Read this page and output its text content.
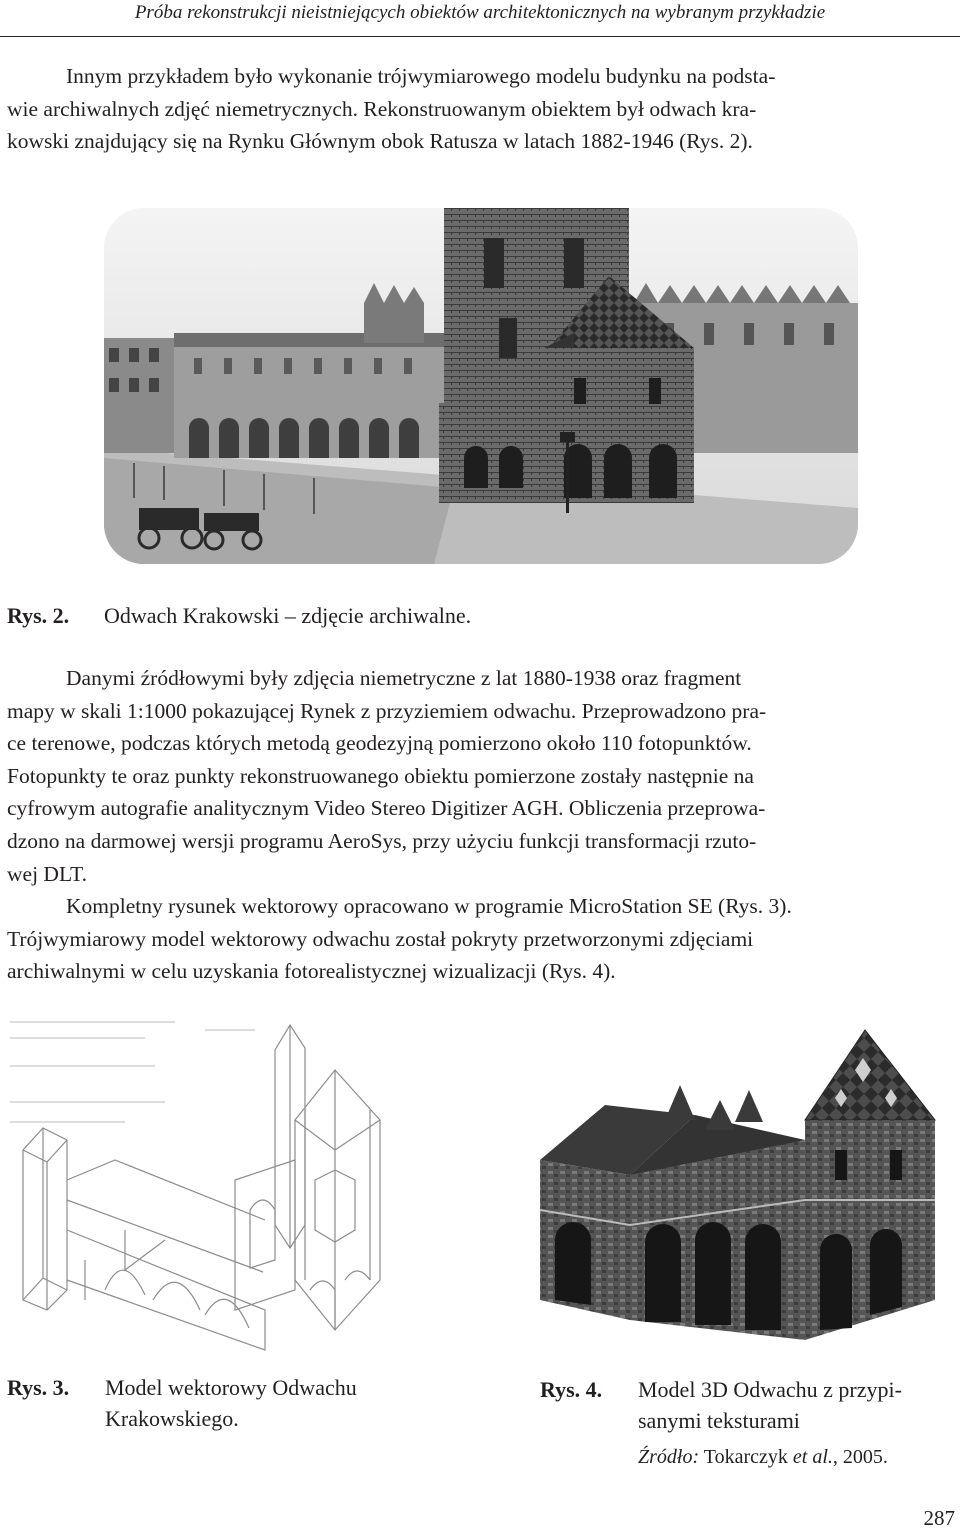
Próba rekonstrukcji nieistniejących obiektów architektonicznych na wybranym przykładzie
Innym przykładem było wykonanie trójwymiarowego modelu budynku na podsta-
wie archiwalnych zdjęć niemetrycznych. Rekonstruowanym obiektem był odwach kra-
kowski znajdujący się na Rynku Głównym obok Ratusza w latach 1882-1946 (Rys. 2).
Rys. 2. Odwach Krakowski – zdjęcie archiwalne.
Danymi źródłowymi były zdjęcia niemetryczne z lat 1880-1938 oraz fragment
mapy w skali 1:1000 pokazującej Rynek z przyziemiem odwachu. Przeprowadzono pra-
ce terenowe, podczas których metodą geodezyjną pomierzono około 110 fotopunktów.
Fotopunkty te oraz punkty rekonstruowanego obiektu pomierzone zostały następnie na
cyfrowym autografie analitycznym Video Stereo Digitizer AGH. Obliczenia przeprowa-
dzono na darmowej wersji programu AeroSys, przy użyciu funkcji transformacji rzuto-
wej DLT.
Kompletny rysunek wektorowy opracowano w programie MicroStation SE (Rys. 3).
Trójwymiarowy model wektorowy odwachu został pokryty przetworzonymi zdjęciami
archiwalnymi w celu uzyskania fotorealistycznej wizualizacji (Rys. 4).
Rys. 3. Model wektorowy Odwachu
Krakowskiego.
Rys. 4. Model 3D Odwachu z przypi-
sanymi teksturami
Źródło: Tokarczyk et al., 2005.
287
